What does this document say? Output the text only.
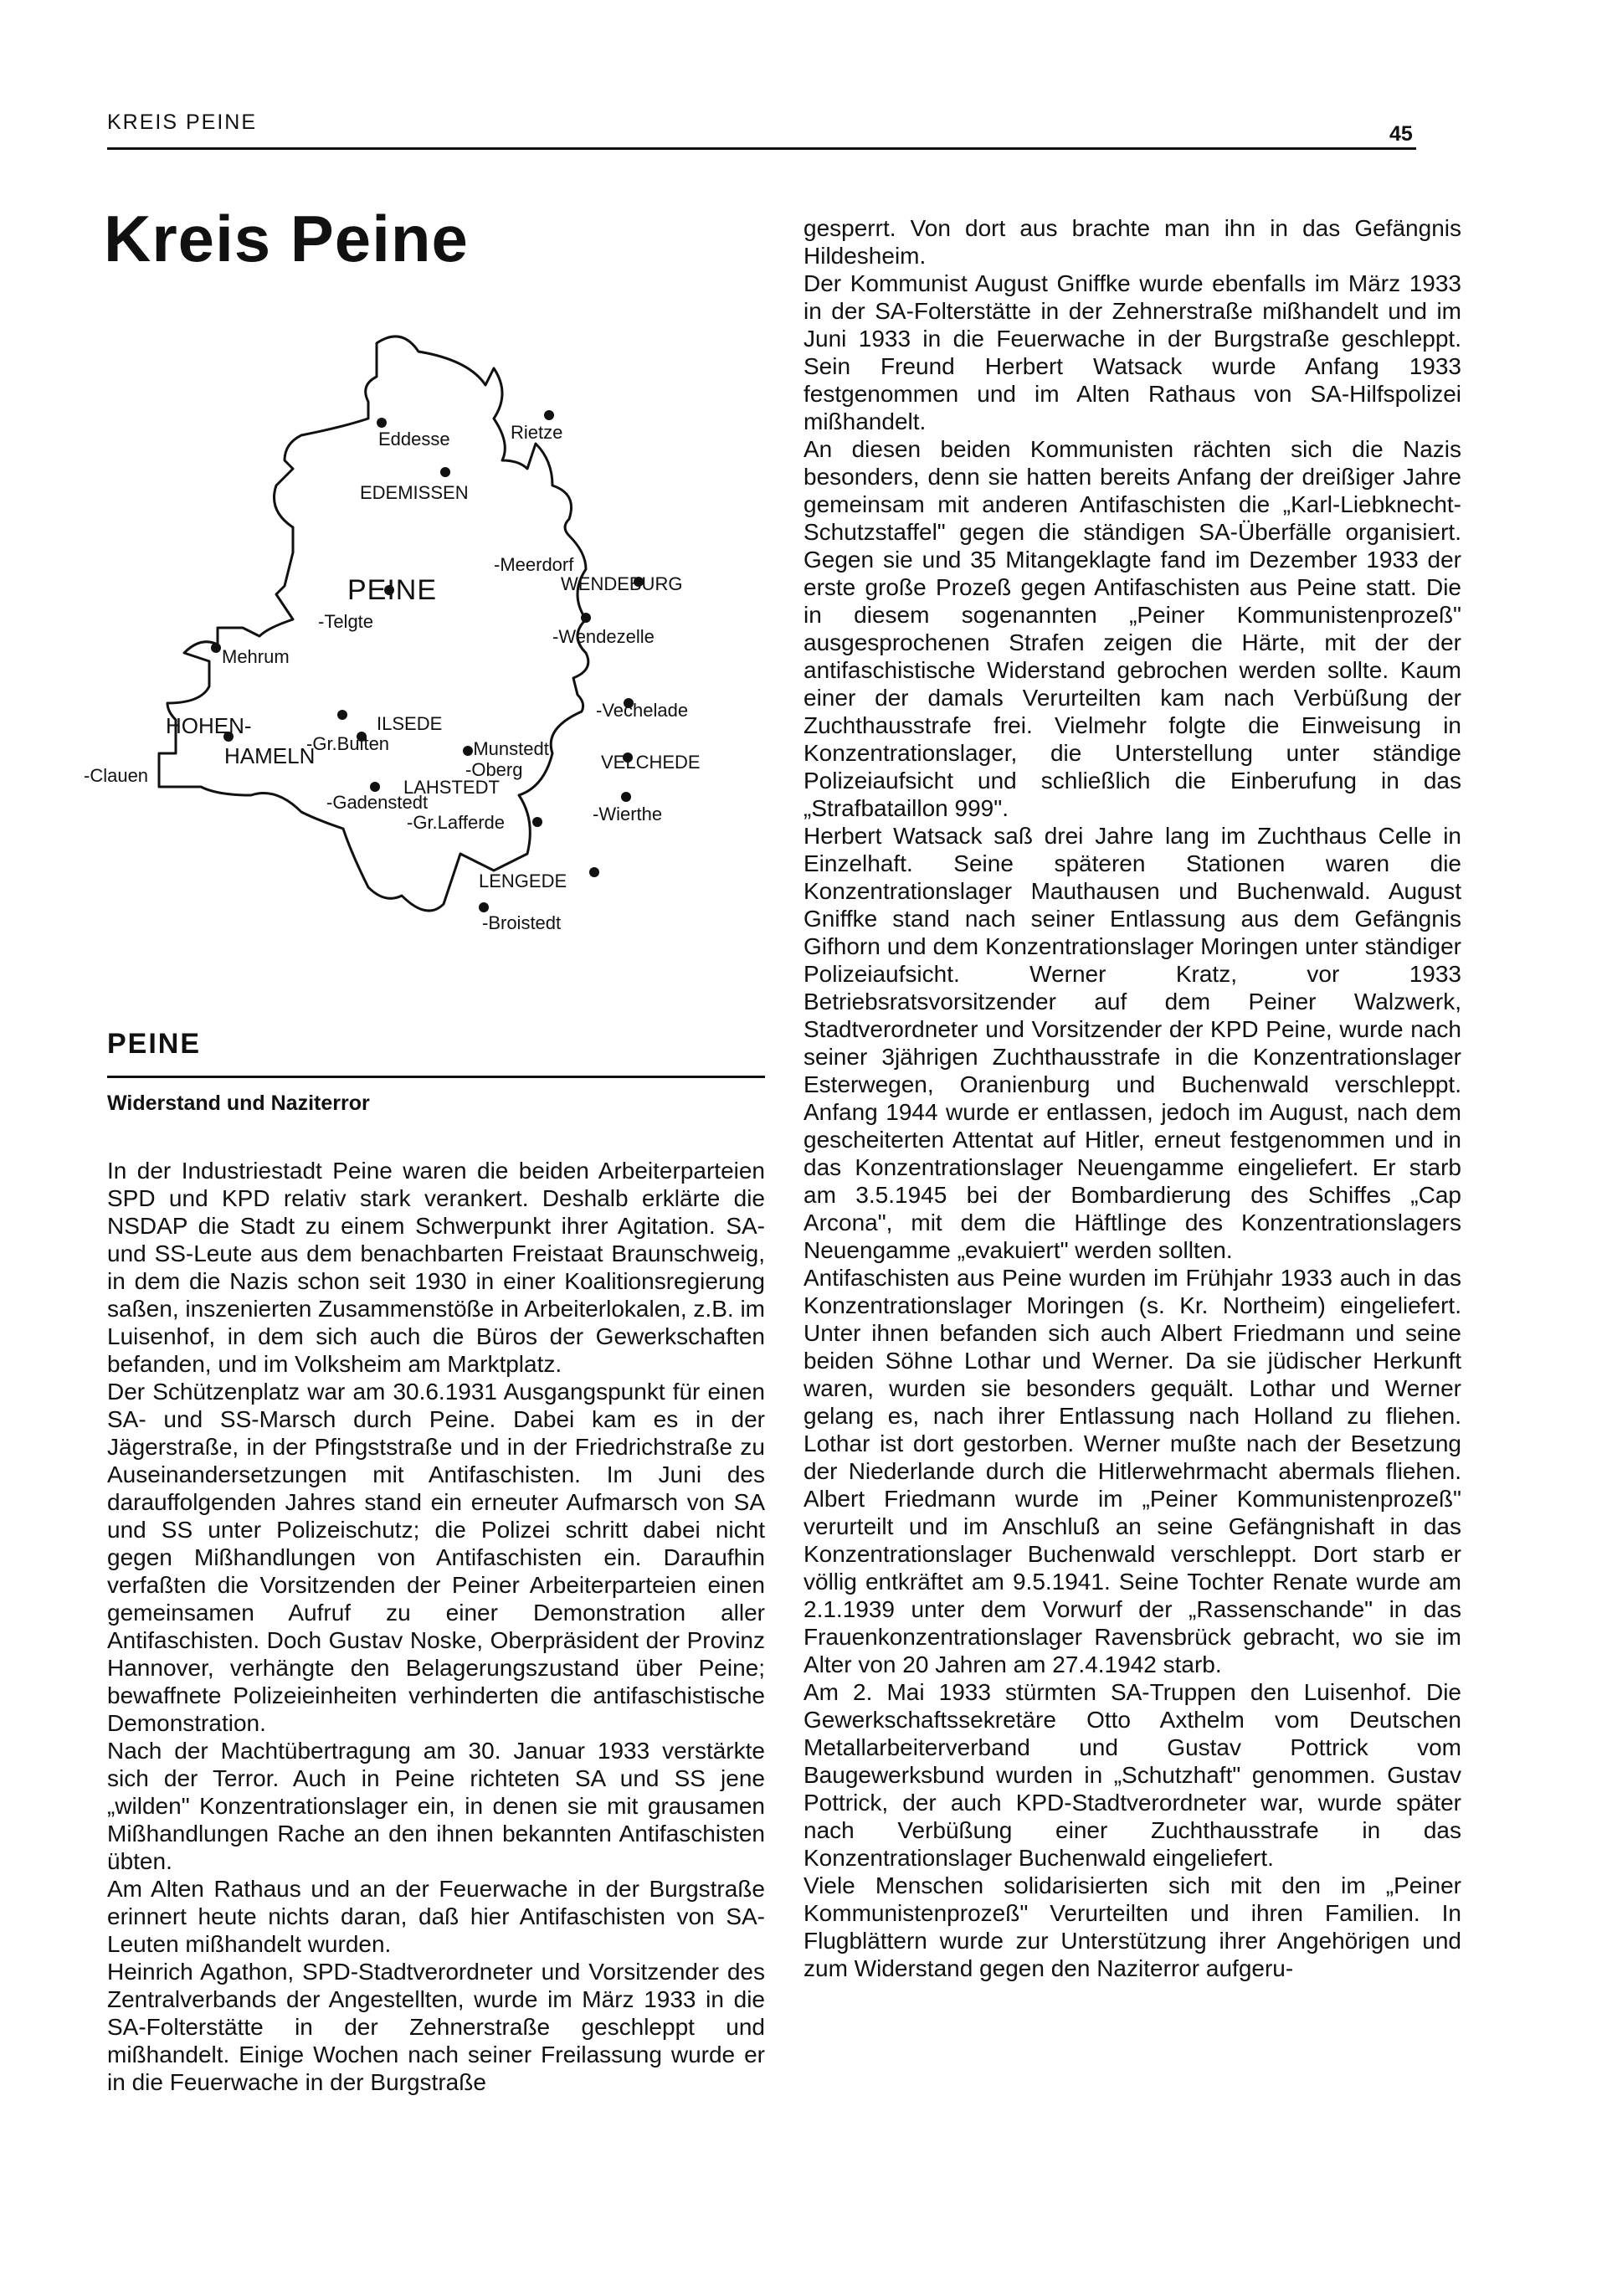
KREIS PEINE	45
Kreis Peine
Eddesse	Rietze
EDEMISSEN
-Meerdorf
WENDEBURG
PEINE
-Telgte
-Wendezelle
Mehrum
-Vechelade
HOHEN-
HAMELN
-Gr.Bulten
ILSEDE
-Munstedt
-Oberg	VELCHEDE
-Clauen
-Gadenstedt
LAHSTEDT
-Gr.Lafferde	-Wierthe
LENGEDE
-Broistedt
PEINE
Widerstand und Naziterror

In der Industriestadt Peine waren die beiden Arbeiterparteien SPD und KPD relativ stark verankert. Deshalb erklärte die NSDAP die Stadt zu einem Schwerpunkt ihrer Agitation. SA- und SS-Leute aus dem benachbarten Freistaat Braunschweig, in dem die Nazis schon seit 1930 in einer Koalitionsregierung saßen, inszenierten Zusammenstöße in Arbeiterlokalen, z.B. im Luisenhof, in dem sich auch die Büros der Gewerkschaften befanden, und im Volksheim am Marktplatz.

Der Schützenplatz war am 30.6.1931 Ausgangspunkt für einen SA- und SS-Marsch durch Peine. Dabei kam es in der Jägerstraße, in der Pfingststraße und in der Friedrichstraße zu Auseinandersetzungen mit Antifaschisten. Im Juni des darauffolgenden Jahres stand ein erneuter Aufmarsch von SA und SS unter Polizeischutz; die Polizei schritt dabei nicht gegen Mißhandlungen von Antifaschisten ein. Daraufhin verfaßten die Vorsitzenden der Peiner Arbeiterparteien einen gemeinsamen Aufruf zu einer Demonstration aller Antifaschisten. Doch Gustav Noske, Oberpräsident der Provinz Hannover, verhängte den Belagerungszustand über Peine; bewaffnete Polizeieinheiten verhinderten die antifaschistische Demonstration.

Nach der Machtübertragung am 30. Januar 1933 verstärkte sich der Terror. Auch in Peine richteten SA und SS jene „wilden" Konzentrationslager ein, in denen sie mit grausamen Mißhandlungen Rache an den ihnen bekannten Antifaschisten übten.

Am Alten Rathaus und an der Feuerwache in der Burgstraße erinnert heute nichts daran, daß hier Antifaschisten von SA-Leuten mißhandelt wurden.

Heinrich Agathon, SPD-Stadtverordneter und Vorsitzender des Zentralverbands der Angestellten, wurde im März 1933 in die SA-Folterstätte in der Zehnerstraße geschleppt und mißhandelt. Einige Wochen nach seiner Freilassung wurde er in die Feuerwache in der Burgstraße

gesperrt. Von dort aus brachte man ihn in das Gefängnis Hildesheim.

Der Kommunist August Gniffke wurde ebenfalls im März 1933 in der SA-Folterstätte in der Zehnerstraße mißhandelt und im Juni 1933 in die Feuerwache in der Burgstraße geschleppt. Sein Freund Herbert Watsack wurde Anfang 1933 festgenommen und im Alten Rathaus von SA-Hilfspolizei mißhandelt.

An diesen beiden Kommunisten rächten sich die Nazis besonders, denn sie hatten bereits Anfang der dreißiger Jahre gemeinsam mit anderen Antifaschisten die „Karl-Liebknecht-Schutzstaffel" gegen die ständigen SA-Überfälle organisiert. Gegen sie und 35 Mitangeklagte fand im Dezember 1933 der erste große Prozeß gegen Antifaschisten aus Peine statt. Die in diesem sogenannten „Peiner Kommunistenprozeß" ausgesprochenen Strafen zeigen die Härte, mit der der antifaschistische Widerstand gebrochen werden sollte. Kaum einer der damals Verurteilten kam nach Verbüßung der Zuchthausstrafe frei. Vielmehr folgte die Einweisung in Konzentrationslager, die Unterstellung unter ständige Polizeiaufsicht und schließlich die Einberufung in das „Strafbataillon 999".

Herbert Watsack saß drei Jahre lang im Zuchthaus Celle in Einzelhaft. Seine späteren Stationen waren die Konzentrationslager Mauthausen und Buchenwald. August Gniffke stand nach seiner Entlassung aus dem Gefängnis Gifhorn und dem Konzentrationslager Moringen unter ständiger Polizeiaufsicht. Werner Kratz, vor 1933 Betriebsratsvorsitzender auf dem Peiner Walzwerk, Stadtverordneter und Vorsitzender der KPD Peine, wurde nach seiner 3jährigen Zuchthausstrafe in die Konzentrationslager Esterwegen, Oranienburg und Buchenwald verschleppt. Anfang 1944 wurde er entlassen, jedoch im August, nach dem gescheiterten Attentat auf Hitler, erneut festgenommen und in das Konzentrationslager Neuengamme eingeliefert. Er starb am 3.5.1945 bei der Bombardierung des Schiffes „Cap Arcona", mit dem die Häftlinge des Konzentrationslagers Neuengamme „evakuiert" werden sollten.

Antifaschisten aus Peine wurden im Frühjahr 1933 auch in das Konzentrationslager Moringen (s. Kr. Northeim) eingeliefert. Unter ihnen befanden sich auch Albert Friedmann und seine beiden Söhne Lothar und Werner. Da sie jüdischer Herkunft waren, wurden sie besonders gequält. Lothar und Werner gelang es, nach ihrer Entlassung nach Holland zu fliehen. Lothar ist dort gestorben. Werner mußte nach der Besetzung der Niederlande durch die Hitlerwehrmacht abermals fliehen. Albert Friedmann wurde im „Peiner Kommunistenprozeß" verurteilt und im Anschluß an seine Gefängnishaft in das Konzentrationslager Buchenwald verschleppt. Dort starb er völlig entkräftet am 9.5.1941. Seine Tochter Renate wurde am 2.1.1939 unter dem Vorwurf der „Rassenschande" in das Frauenkonzentrationslager Ravensbrück gebracht, wo sie im Alter von 20 Jahren am 27.4.1942 starb.

Am 2. Mai 1933 stürmten SA-Truppen den Luisenhof. Die Gewerkschaftssekretäre Otto Axthelm vom Deutschen Metallarbeiterverband und Gustav Pottrick vom Baugewerksbund wurden in „Schutzhaft" genommen. Gustav Pottrick, der auch KPD-Stadtverordneter war, wurde später nach Verbüßung einer Zuchthausstrafe in das Konzentrationslager Buchenwald eingeliefert.

Viele Menschen solidarisierten sich mit den im „Peiner Kommunistenprozeß" Verurteilten und ihren Familien. In Flugblättern wurde zur Unterstützung ihrer Angehörigen und zum Widerstand gegen den Naziterror aufgeru-
